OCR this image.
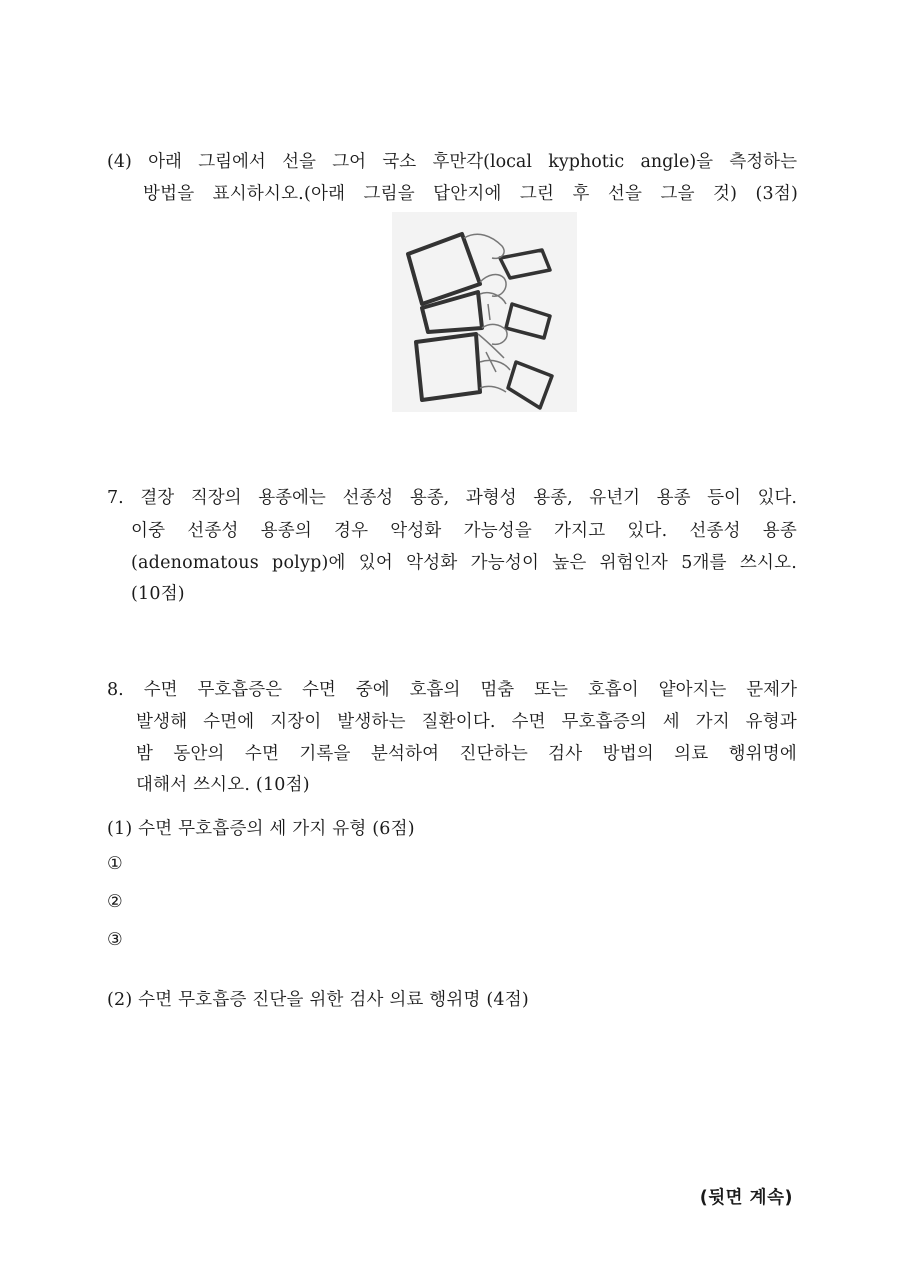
(4) 아래 그림에서 선을 그어 국소 후만각(local kyphotic angle)을 측정하는
방법을 표시하시오.(아래 그림을 답안지에 그린 후 선을 그을 것) (3점)
7. 결장 직장의 용종에는 선종성 용종, 과형성 용종, 유년기 용종 등이 있다.
이중 선종성 용종의 경우 악성화 가능성을 가지고 있다. 선종성 용종
(adenomatous polyp)에 있어 악성화 가능성이 높은 위험인자 5개를 쓰시오.
(10점)
8. 수면 무호흡증은 수면 중에 호흡의 멈춤 또는 호흡이 얕아지는 문제가
발생해 수면에 지장이 발생하는 질환이다. 수면 무호흡증의 세 가지 유형과
밤 동안의 수면 기록을 분석하여 진단하는 검사 방법의 의료 행위명에
대해서 쓰시오. (10점)
(1) 수면 무호흡증의 세 가지 유형 (6점)
①
②
③
(2) 수면 무호흡증 진단을 위한 검사 의료 행위명 (4점)
(뒷면 계속)
